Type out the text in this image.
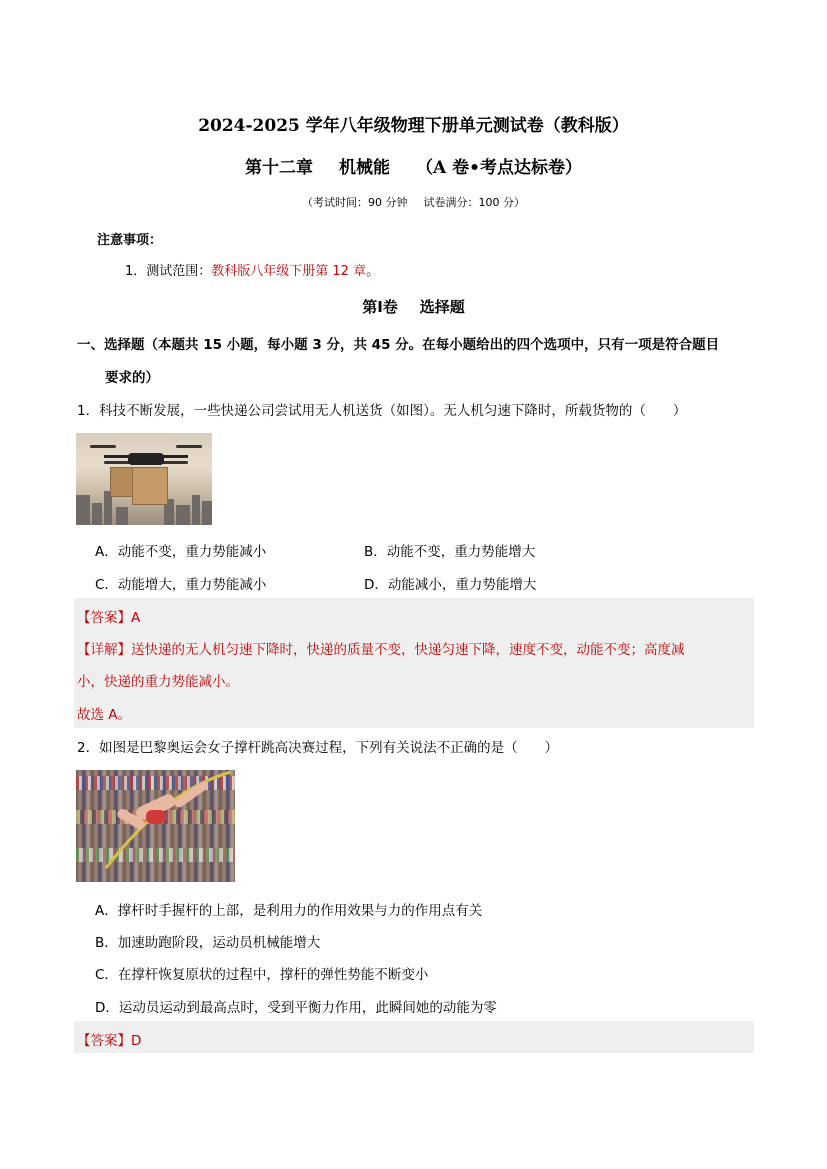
2024-2025 学年八年级物理下册单元测试卷（教科版）
第十二章 机械能 （A 卷•考点达标卷）
（考试时间：90 分钟 试卷满分：100 分）
注意事项：
1．测试范围：教科版八年级下册第 12 章。
第Ⅰ卷 选择题
一、选择题（本题共 15 小题，每小题 3 分，共 45 分。在每小题给出的四个选项中，只有一项是符合题目
要求的）
1．科技不断发展，一些快递公司尝试用无人机送货（如图）。无人机匀速下降时，所载货物的（　　）
A．动能不变，重力势能减小	B．动能不变，重力势能增大
C．动能增大，重力势能减小	D．动能减小，重力势能增大
【答案】A
【详解】送快递的无人机匀速下降时，快递的质量不变，快递匀速下降，速度不变，动能不变；高度减
小，快递的重力势能减小。
故选 A。
2．如图是巴黎奥运会女子撑杆跳高决赛过程，下列有关说法不正确的是（　　）
A．撑杆时手握杆的上部，是利用力的作用效果与力的作用点有关
B．加速助跑阶段，运动员机械能增大
C．在撑杆恢复原状的过程中，撑杆的弹性势能不断变小
D．运动员运动到最高点时，受到平衡力作用，此瞬间她的动能为零
【答案】D
